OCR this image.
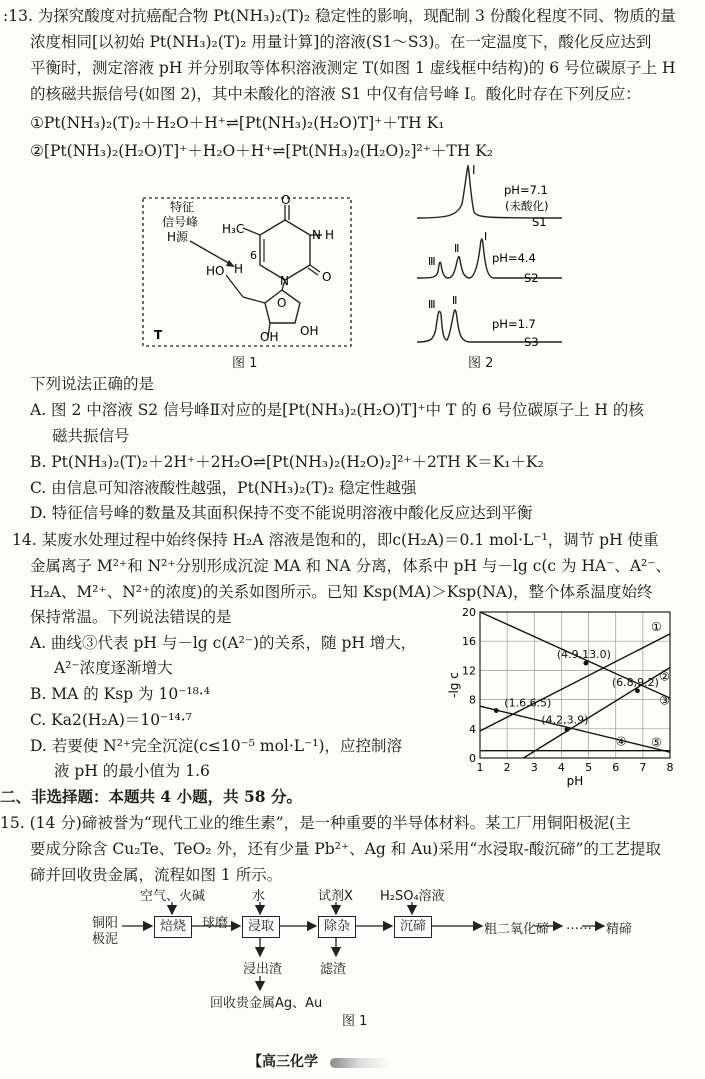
:13. 为探究酸度对抗癌配合物 Pt(NH₃)₂(T)₂ 稳定性的影响，现配制 3 份酸化程度不同、物质的量
浓度相同[以初始 Pt(NH₃)₂(T)₂ 用量计算]的溶液(S1～S3)。在一定温度下，酸化反应达到
平衡时，测定溶液 pH 并分别取等体积溶液测定 T(如图 1 虚线框中结构)的 6 号位碳原子上 H
的核磁共振信号(如图 2)，其中未酸化的溶液 S1 中仅有信号峰 Ⅰ。酸化时存在下列反应：
①Pt(NH₃)₂(T)₂＋H₂O＋H⁺⇌[Pt(NH₃)₂(H₂O)T]⁺＋TH K₁
②[Pt(NH₃)₂(H₂O)T]⁺＋H₂O＋H⁺⇌[Pt(NH₃)₂(H₂O)₂]²⁺＋TH K₂
特征
信号峰
H源
H₃C
O
N H
O
N
6
H
HO
O
OH OH
T
图 1
Ⅰ
pH=7.1
(未酸化)
S1
Ⅲ
Ⅱ
Ⅰ
pH=4.4
S2
Ⅲ Ⅱ
pH=1.7
S3
图 2
下列说法正确的是
A. 图 2 中溶液 S2 信号峰Ⅱ对应的是[Pt(NH₃)₂(H₂O)T]⁺中 T 的 6 号位碳原子上 H 的核
磁共振信号
B. Pt(NH₃)₂(T)₂＋2H⁺＋2H₂O⇌[Pt(NH₃)₂(H₂O)₂]²⁺＋2TH K＝K₁＋K₂
C. 由信息可知溶液酸性越强，Pt(NH₃)₂(T)₂ 稳定性越强
D. 特征信号峰的数量及其面积保持不变不能说明溶液中酸化反应达到平衡
14. 某废水处理过程中始终保持 H₂A 溶液是饱和的，即c(H₂A)＝0.1 mol·L⁻¹，调节 pH 使重
金属离子 M²⁺和 N²⁺分别形成沉淀 MA 和 NA 分离，体系中 pH 与－lg c(c 为 HA⁻、A²⁻、
H₂A、M²⁺、N²⁺的浓度)的关系如图所示。已知 Ksp(MA)＞Ksp(NA)，整个体系温度始终
保持常温。下列说法错误的是
A. 曲线③代表 pH 与－lg c(A²⁻)的关系，随 pH 增大，
A²⁻浓度逐渐增大
B. MA 的 Ksp 为 10⁻¹⁸·⁴
C. Ka2(H₂A)＝10⁻¹⁴·⁷
D. 若要使 N²⁺完全沉淀(c≤10⁻⁵ mol·L⁻¹)，应控制溶
液 pH 的最小值为 1.6	1 2 3 4 5 6 7 8
0
4
8
12
16
20
pH
-lg c
①
②
③
④ ⑤
(4.9,13.0)
(6.8,9.2)
(1.6,6.5)
(4.2,3.9)
二、非选择题：本题共 4 小题，共 58 分。
15. (14 分)碲被誉为“现代工业的维生素”，是一种重要的半导体材料。某工厂用铜阳极泥(主
要成分除含 Cu₂Te、TeO₂ 外，还有少量 Pb²⁺、Ag 和 Au)采用“水浸取-酸沉碲”的工艺提取
碲并回收贵金属，流程如图 1 所示。
铜阳
极泥
空气、火碱	水	试剂X H₂SO₄溶液
焙烧	球磨	浸取	除杂	沉碲	粗二氧化碲 …… 精碲
浸出渣	滤渣
回收贵金属Ag、Au
图 1
【高三化学
